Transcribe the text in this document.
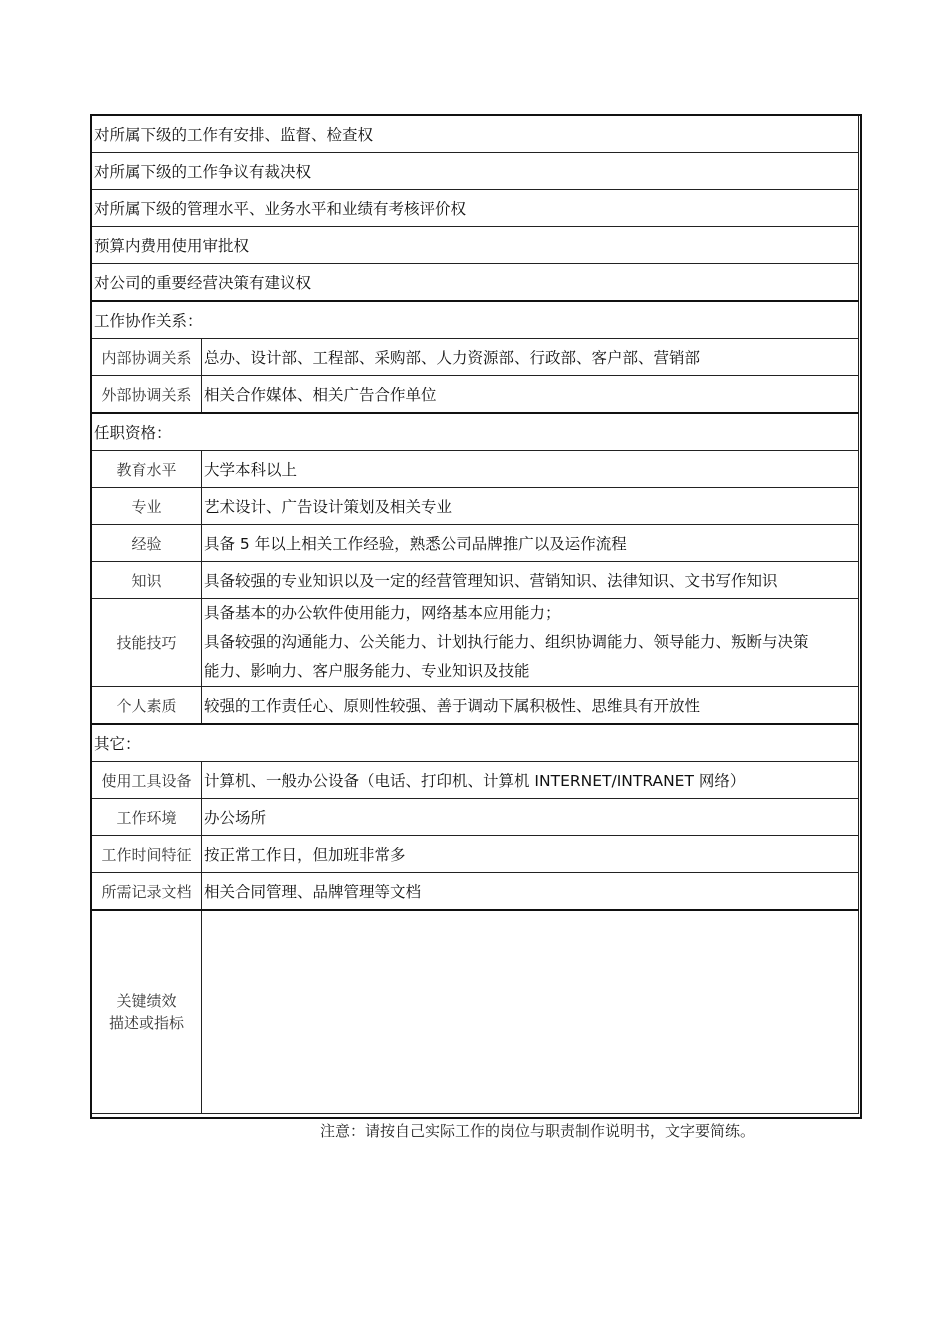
对所属下级的工作有安排、监督、检查权	
对所属下级的工作争议有裁决权	
对所属下级的管理水平、业务水平和业绩有考核评价权	
预算内费用使用审批权	
对公司的重要经营决策有建议权	
工作协作关系：	
内部协调关系	总办、设计部、工程部、采购部、人力资源部、行政部、客户部、营销部
外部协调关系	相关合作媒体、相关广告合作单位
任职资格：	
教育水平	大学本科以上
专业	艺术设计、广告设计策划及相关专业
经验	具备 5 年以上相关工作经验，熟悉公司品牌推广以及运作流程
知识	具备较强的专业知识以及一定的经营管理知识、营销知识、法律知识、文书写作知识
技能技巧	具备基本的办公软件使用能力，网络基本应用能力；
具备较强的沟通能力、公关能力、计划执行能力、组织协调能力、领导能力、叛断与决策
能力、影响力、客户服务能力、专业知识及技能

个人素质	较强的工作责任心、原则性较强、善于调动下属积极性、思维具有开放性
其它：	
使用工具设备	计算机、一般办公设备（电话、打印机、计算机 INTERNET/INTRANET 网络）
工作环境	办公场所
工作时间特征	按正常工作日，但加班非常多
所需记录文档	相关合同管理、品牌管理等文档

关键绩效
描述或指标	

注意：请按自己实际工作的岗位与职责制作说明书，文字要简练。
